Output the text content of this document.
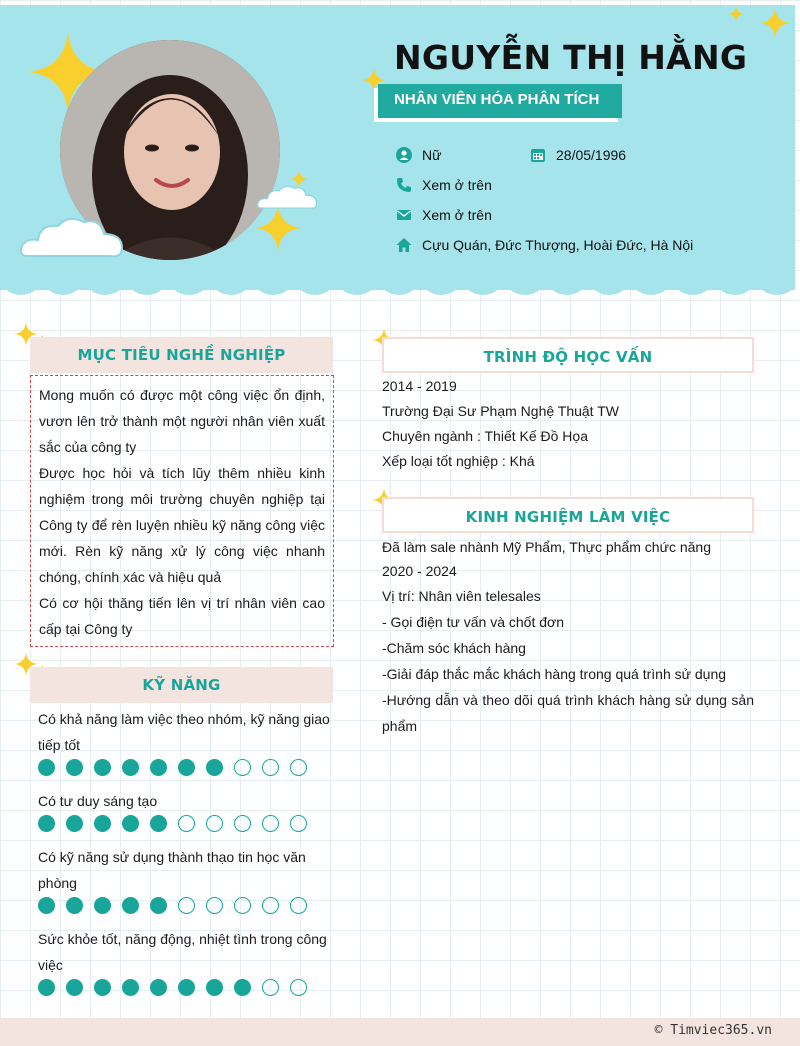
NGUYỄN THỊ HẰNG
NHÂN VIÊN HÓA PHÂN TÍCH
Nữ	28/05/1996
Xem ở trên
Xem ở trên
Cựu Quán, Đức Thượng, Hoài Đức, Hà Nội
MỤC TIÊU NGHỀ NGHIỆP

Mong muốn có được một công việc ổn định, vươn lên trở thành một người nhân viên xuất sắc của công ty

Được học hỏi và tích lũy thêm nhiều kinh nghiệm trong môi trường chuyên nghiệp tại Công ty để rèn luyện nhiều kỹ năng công việc mới. Rèn kỹ năng xử lý công việc nhanh chóng, chính xác và hiệu quả

Có cơ hội thăng tiến lên vị trí nhân viên cao cấp tại Công ty

KỸ NĂNG
Có khả năng làm việc theo nhóm, kỹ năng giao tiếp tốt
Có tư duy sáng tạo
Có kỹ năng sử dụng thành thạo tin học văn phòng
Sức khỏe tốt, năng động, nhiệt tình trong công việc
TRÌNH ĐỘ HỌC VẤN
2014 - 2019
Trường Đại Sư Phạm Nghệ Thuật TW
Chuyên ngành : Thiết Kế Đồ Họa
Xếp loại tốt nghiệp : Khá
KINH NGHIỆM LÀM VIỆC
Đã làm sale nhành Mỹ Phẩm, Thực phẩm chức năng
2020 - 2024
Vị trí: Nhân viên telesales
- Gọi điện tư vấn và chốt đơn
-Chăm sóc khách hàng
-Giải đáp thắc mắc khách hàng trong quá trình sử dụng
-Hướng dẫn và theo dõi quá trình khách hàng sử dụng sản phẩm
© Timviec365.vn
